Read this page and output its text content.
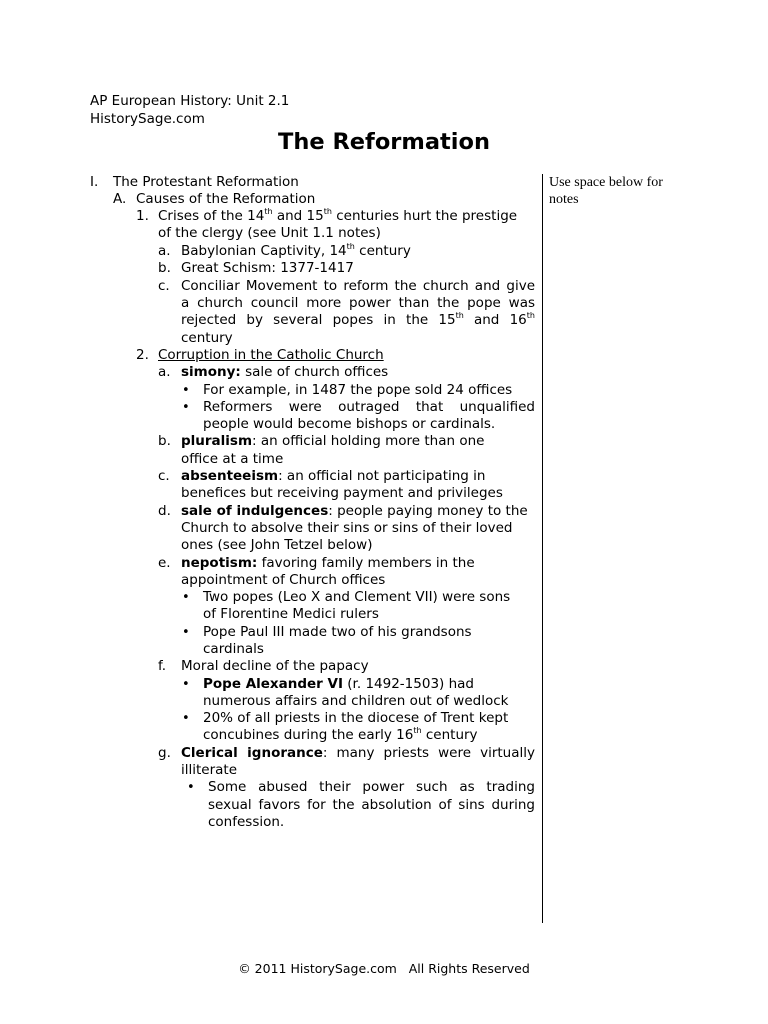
AP European History: Unit 2.1
HistorySage.com
The Reformation
I. The Protestant Reformation
A. Causes of the Reformation
1. Crises of the 14th and 15th centuries hurt the prestige
of the clergy (see Unit 1.1 notes)
a. Babylonian Captivity, 14th century
b. Great Schism: 1377-1417
c. Conciliar Movement to reform the church and give
a church council more power than the pope was
rejected by several popes in the 15th and 16th
century
2. Corruption in the Catholic Church
a. simony: sale of church offices
• For example, in 1487 the pope sold 24 offices
• Reformers were outraged that unqualified
people would become bishops or cardinals.
b. pluralism: an official holding more than one
office at a time
c. absenteeism: an official not participating in
benefices but receiving payment and privileges
d. sale of indulgences: people paying money to the
Church to absolve their sins or sins of their loved
ones (see John Tetzel below)
e. nepotism: favoring family members in the
appointment of Church offices
• Two popes (Leo X and Clement VII) were sons
of Florentine Medici rulers
• Pope Paul III made two of his grandsons
cardinals
f. Moral decline of the papacy
• Pope Alexander VI (r. 1492-1503) had
numerous affairs and children out of wedlock
• 20% of all priests in the diocese of Trent kept
concubines during the early 16th century
g. Clerical ignorance: many priests were virtually
illiterate
• Some abused their power such as trading
sexual favors for the absolution of sins during
confession.
Use space below for
notes
© 2011 HistorySage.com All Rights Reserved
